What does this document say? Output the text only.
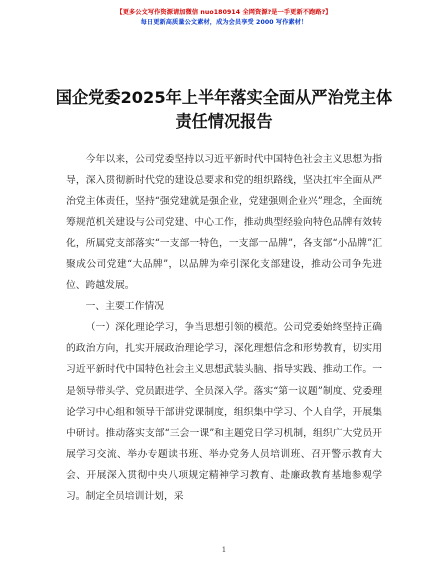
【更多公文写作资源请加微信 nuo180914 全网资源?是一手更新不跑路?】
每日更新高质量公文素材，成为会员享受 2000 写作素材！
国企党委2025年上半年落实全面从严治党主体
责任情况报告

今年以来，公司党委坚持以习近平新时代中国特色社会主义思想为指导，深入贯彻新时代党的建设总要求和党的组织路线，坚决扛牢全面从严治党主体责任，坚持“强党建就是强企业，党建强则企业兴”理念，全面统筹规范机关建设与公司党建、中心工作，推动典型经验向特色品牌有效转化，所属党支部落实“一支部一特色，一支部一品牌”，各支部“小品牌”汇聚成公司党建“大品牌”，以品牌为牵引深化支部建设，推动公司争先进位、跨越发展。

一、主要工作情况

（一）深化理论学习，争当思想引领的模范。公司党委始终坚持正确的政治方向，扎实开展政治理论学习，深化理想信念和形势教育，切实用习近平新时代中国特色社会主义思想武装头脑、指导实践、推动工作。一是领导带头学、党员跟进学、全员深入学。落实“第一议题”制度、党委理论学习中心组和领导干部讲党课制度，组织集中学习、个人自学，开展集中研讨。推动落实支部“三会一课”和主题党日学习机制，组织广大党员开展学习交流、举办专题读书班、举办党务人员培训班、召开警示教育大会、开展深入贯彻中央八项规定精神学习教育、赴廉政教育基地参观学习。制定全员培训计划，采

1
